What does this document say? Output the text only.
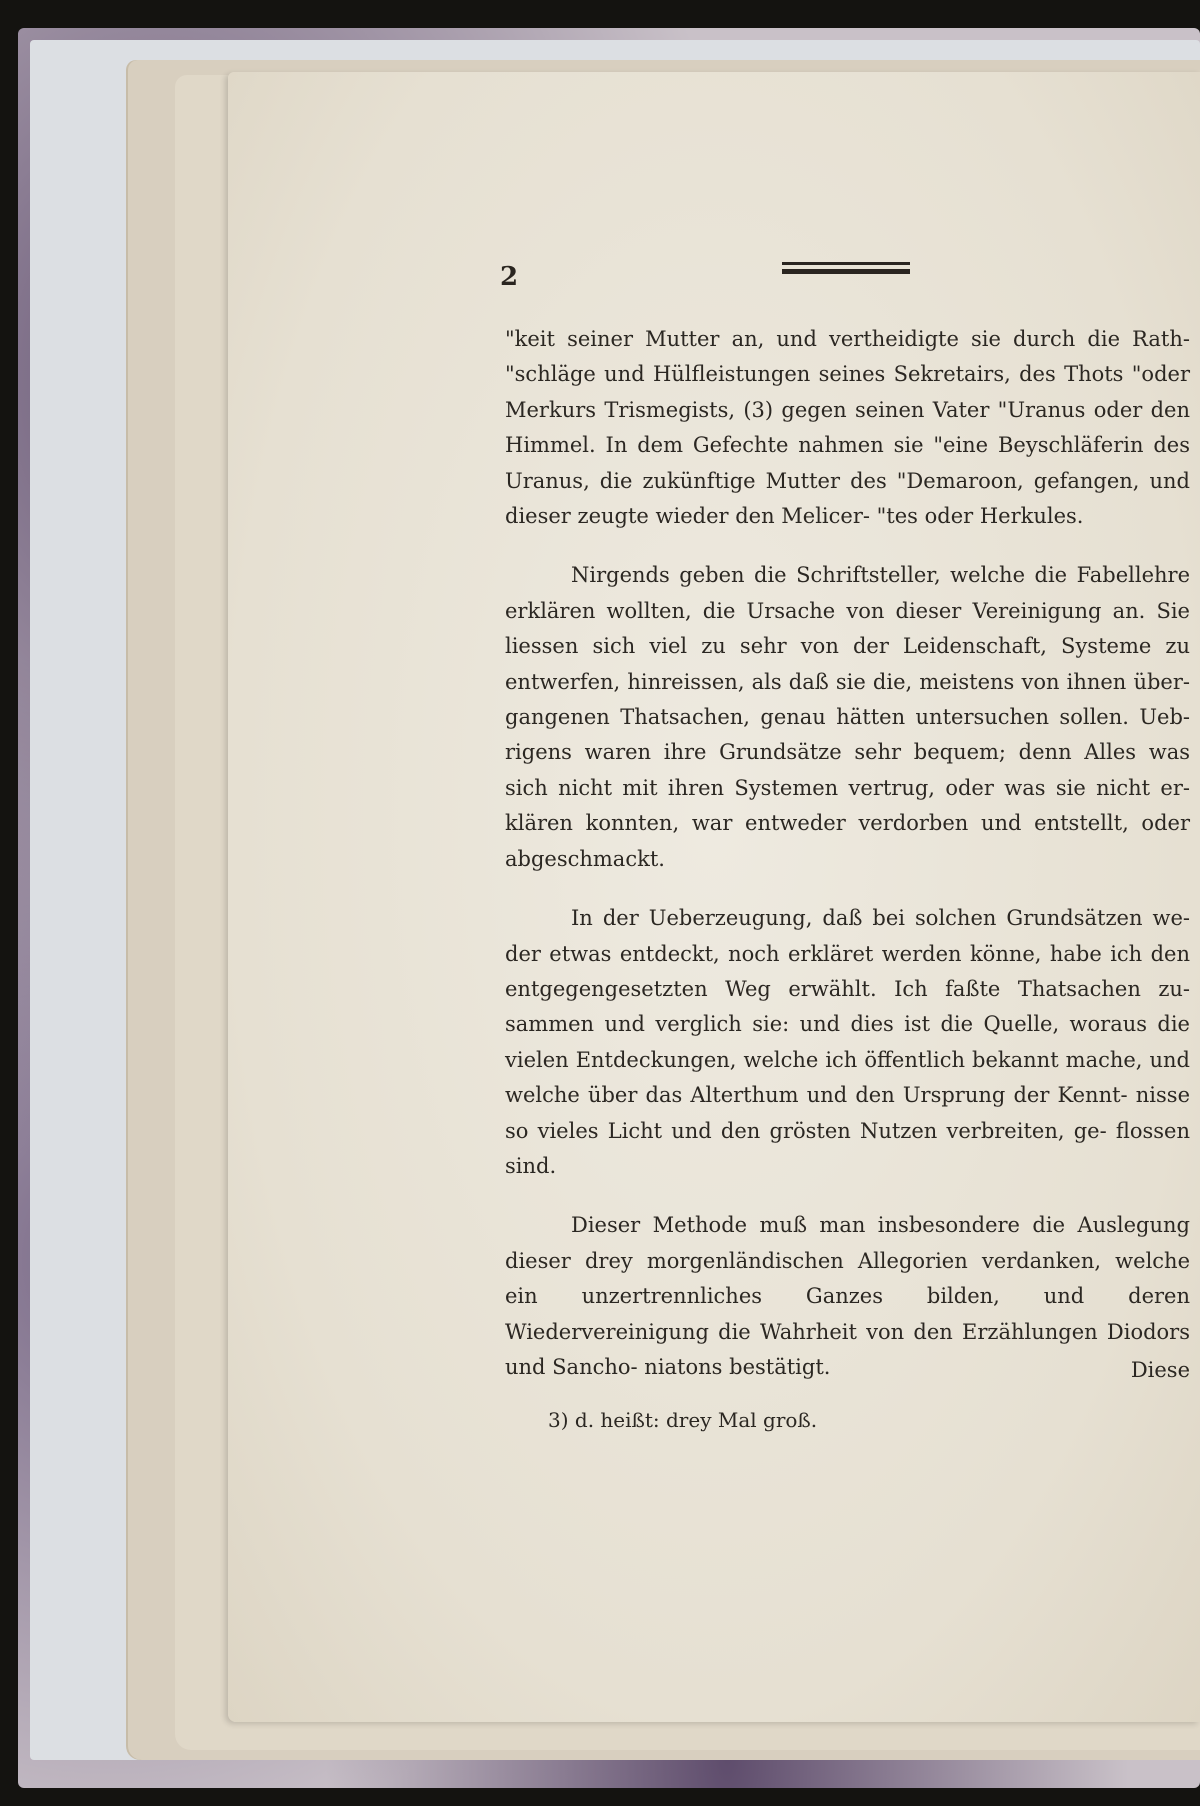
2

"keit seiner Mutter an, und vertheidigte sie durch die Rath- "schläge und Hülfleistungen seines Sekretairs, des Thots "oder Merkurs Trismegists, (3) gegen seinen Vater "Uranus oder den Himmel. In dem Gefechte nahmen sie "eine Beyschläferin des Uranus, die zukünftige Mutter des "Demaroon, gefangen, und dieser zeugte wieder den Melicer- "tes oder Herkules.

Nirgends geben die Schriftsteller, welche die Fabellehre erklären wollten, die Ursache von dieser Vereinigung an. Sie liessen sich viel zu sehr von der Leidenschaft, Systeme zu entwerfen, hinreissen, als daß sie die, meistens von ihnen über- gangenen Thatsachen, genau hätten untersuchen sollen. Ueb- rigens waren ihre Grundsätze sehr bequem; denn Alles was sich nicht mit ihren Systemen vertrug, oder was sie nicht er- klären konnten, war entweder verdorben und entstellt, oder abgeschmackt.

In der Ueberzeugung, daß bei solchen Grundsätzen we- der etwas entdeckt, noch erkläret werden könne, habe ich den entgegengesetzten Weg erwählt. Ich faßte Thatsachen zu- sammen und verglich sie: und dies ist die Quelle, woraus die vielen Entdeckungen, welche ich öffentlich bekannt mache, und welche über das Alterthum und den Ursprung der Kennt- nisse so vieles Licht und den grösten Nutzen verbreiten, ge- flossen sind.

Dieser Methode muß man insbesondere die Auslegung dieser drey morgenländischen Allegorien verdanken, welche ein unzertrennliches Ganzes bilden, und deren Wiedervereinigung die Wahrheit von den Erzählungen Diodors und Sancho- niatons bestätigt.	Diese
3) d. heißt: drey Mal groß.
